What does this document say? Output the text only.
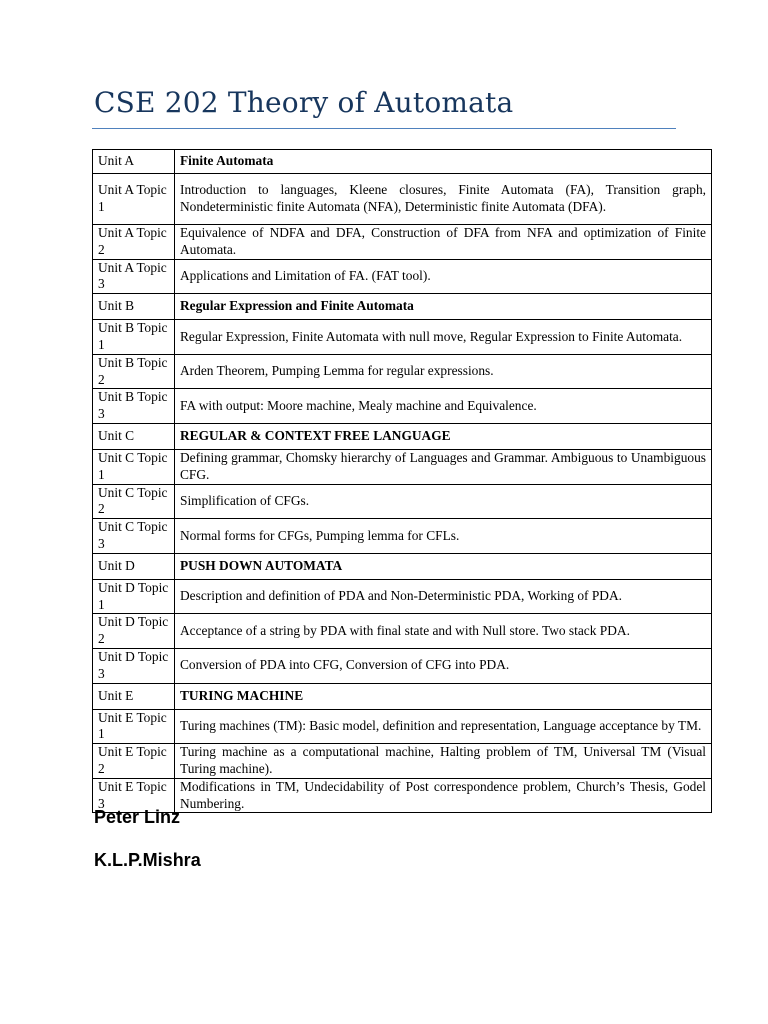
CSE 202 Theory of Automata
Unit A	Finite Automata
Unit A Topic 1	Introduction to languages, Kleene closures, Finite Automata (FA), Transition graph, Nondeterministic finite Automata (NFA), Deterministic finite Automata (DFA).
Unit A Topic 2	Equivalence of NDFA and DFA, Construction of DFA from NFA and optimization of Finite Automata.
Unit A Topic 3	Applications and Limitation of FA. (FAT tool).
Unit B	Regular Expression and Finite Automata
Unit B Topic 1	Regular Expression, Finite Automata with null move, Regular Expression to Finite Automata.
Unit B Topic 2	Arden Theorem, Pumping Lemma for regular expressions.
Unit B Topic 3	FA with output: Moore machine, Mealy machine and Equivalence.
Unit C	REGULAR & CONTEXT FREE LANGUAGE
Unit C Topic 1	Defining grammar, Chomsky hierarchy of Languages and Grammar. Ambiguous to Unambiguous CFG.
Unit C Topic 2	Simplification of CFGs.
Unit C Topic 3	Normal forms for CFGs, Pumping lemma for CFLs.
Unit D	PUSH DOWN AUTOMATA
Unit D Topic 1	Description and definition of PDA and Non-Deterministic PDA, Working of PDA.
Unit D Topic 2	Acceptance of a string by PDA with final state and with Null store. Two stack PDA.
Unit D Topic 3	Conversion of PDA into CFG, Conversion of CFG into PDA.
Unit E	TURING MACHINE
Unit E Topic 1	Turing machines (TM): Basic model, definition and representation, Language acceptance by TM.
Unit E Topic 2	Turing machine as a computational machine, Halting problem of TM, Universal TM (Visual Turing machine).
Unit E Topic 3	Modifications in TM, Undecidability of Post correspondence problem, Church’s Thesis, Godel Numbering.
Peter Linz
K.L.P.Mishra
